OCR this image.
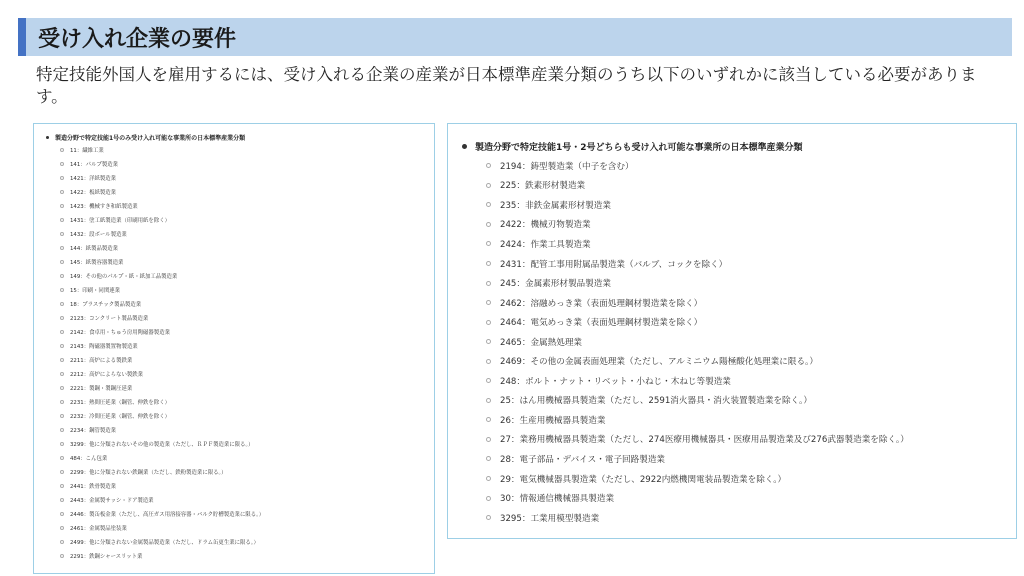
受け入れ企業の要件

特定技能外国人を雇用するには、受け入れる企業の産業が日本標準産業分類のうち以下のいずれかに該当している必要があります。

製造分野で特定技能1号のみ受け入れ可能な事業所の日本標準産業分類
11：繊維工業
141：パルプ製造業
1421：洋紙製造業
1422：板紙製造業
1423：機械すき和紙製造業
1431：塗工紙製造業（印刷用紙を除く）
1432：段ボール製造業
144：紙製品製造業
145：紙製容器製造業
149：その他のパルプ・紙・紙加工品製造業
15：印刷・同関連業
18：プラスチック製品製造業
2123：コンクリート製品製造業
2142：食卓用・ちゅう房用陶磁器製造業
2143：陶磁器製置物製造業
2211：高炉による製鉄業
2212：高炉によらない製鉄業
2221：製鋼・製鋼圧延業
2231：熱間圧延業（鋼管、伸鉄を除く）
2232：冷間圧延業（鋼管、伸鉄を除く）
2234：鋼管製造業
3299：他に分類されないその他の製造業（ただし、ＲＰＦ製造業に限る。）
484：こん包業
2299：他に分類されない鉄鋼業（ただし、鉄粉製造業に限る。）
2441：鉄骨製造業
2443：金属製サッシ・ドア製造業
2446：製缶板金業（ただし、高圧ガス用溶接容器・バルク貯槽製造業に限る。）
2461：金属製品塗装業
2499：他に分類されない金属製品製造業（ただし、ドラム缶更生業に限る。）
2291：鉄鋼シャースリット業
製造分野で特定技能1号・2号どちらも受け入れ可能な事業所の日本標準産業分類
2194：鋳型製造業（中子を含む）
225：鉄素形材製造業
235：非鉄金属素形材製造業
2422：機械刃物製造業
2424：作業工具製造業
2431：配管工事用附属品製造業（バルブ、コックを除く）
245：金属素形材製品製造業
2462：溶融めっき業（表面処理鋼材製造業を除く）
2464：電気めっき業（表面処理鋼材製造業を除く）
2465：金属熱処理業
2469：その他の金属表面処理業（ただし、アルミニウム陽極酸化処理業に限る。）
248：ボルト・ナット・リベット・小ねじ・木ねじ等製造業
25：はん用機械器具製造業（ただし、2591消火器具・消火装置製造業を除く。）
26：生産用機械器具製造業
27：業務用機械器具製造業（ただし、274医療用機械器具・医療用品製造業及び276武器製造業を除く。）
28：電子部品・デバイス・電子回路製造業
29：電気機械器具製造業（ただし、2922内燃機関電装品製造業を除く。）
30：情報通信機械器具製造業
3295：工業用模型製造業
